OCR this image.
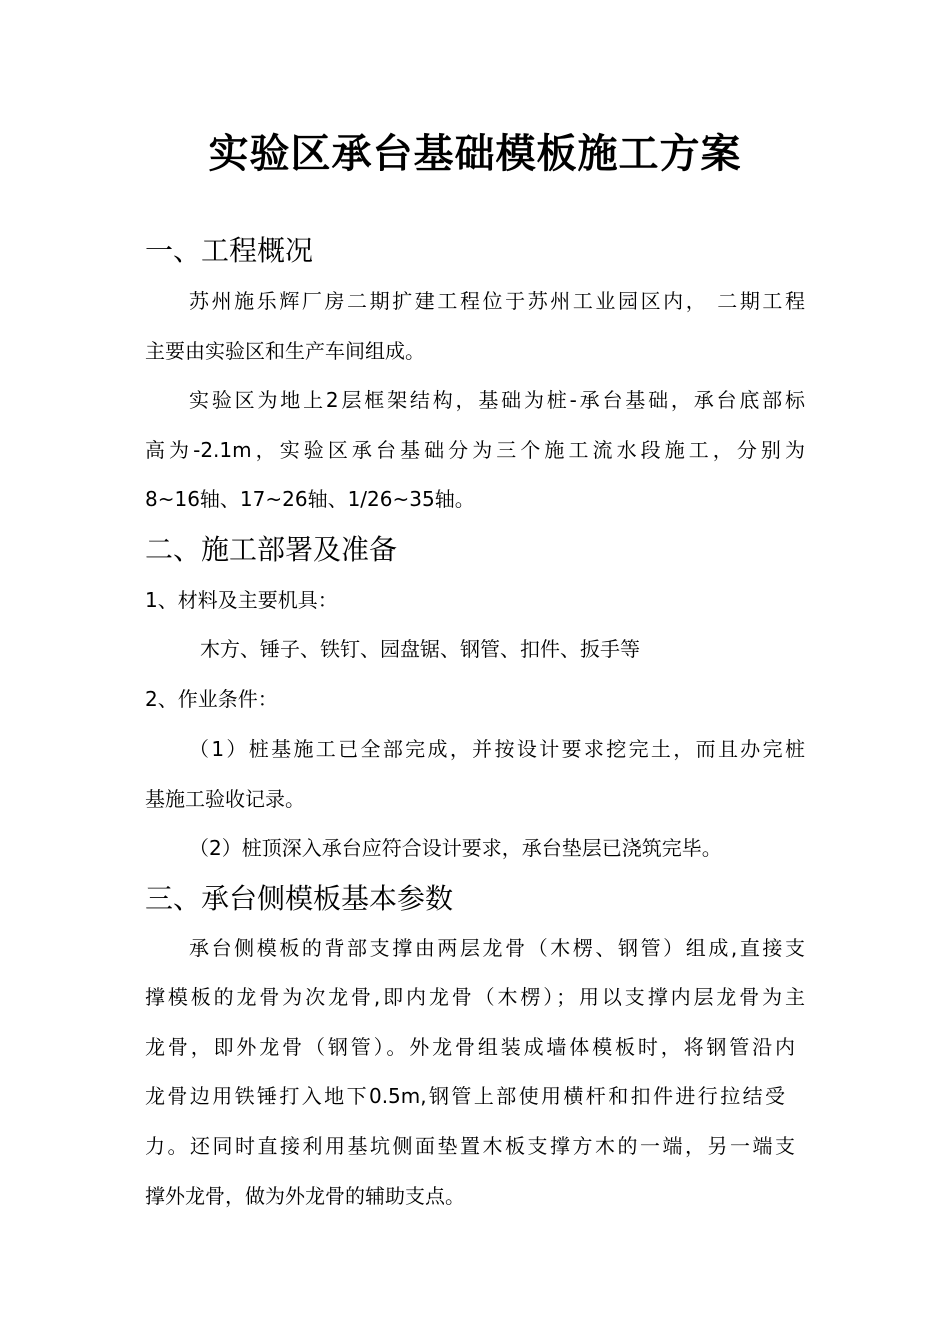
实验区承台基础模板施工方案
一、工程概况
苏州施乐辉厂房二期扩建工程位于苏州工业园区内， 二期工程
主要由实验区和生产车间组成。
实验区为地上2层框架结构，基础为桩-承台基础，承台底部标
高为-2.1m，实验区承台基础分为三个施工流水段施工，分别为
8~16轴、17~26轴、1/26~35轴。
二、施工部署及准备
1、材料及主要机具：
木方、锤子、铁钉、园盘锯、钢管、扣件、扳手等
2、作业条件：
（1）桩基施工已全部完成，并按设计要求挖完土，而且办完桩
基施工验收记录。
（2）桩顶深入承台应符合设计要求，承台垫层已浇筑完毕。
三、承台侧模板基本参数
承台侧模板的背部支撑由两层龙骨（木楞、钢管）组成,直接支
撑模板的龙骨为次龙骨,即内龙骨（木楞）；用以支撑内层龙骨为主
龙骨，即外龙骨（钢管）。外龙骨组装成墙体模板时，将钢管沿内
龙骨边用铁锤打入地下0.5m,钢管上部使用横杆和扣件进行拉结受
力。还同时直接利用基坑侧面垫置木板支撑方木的一端，另一端支
撑外龙骨，做为外龙骨的辅助支点。
